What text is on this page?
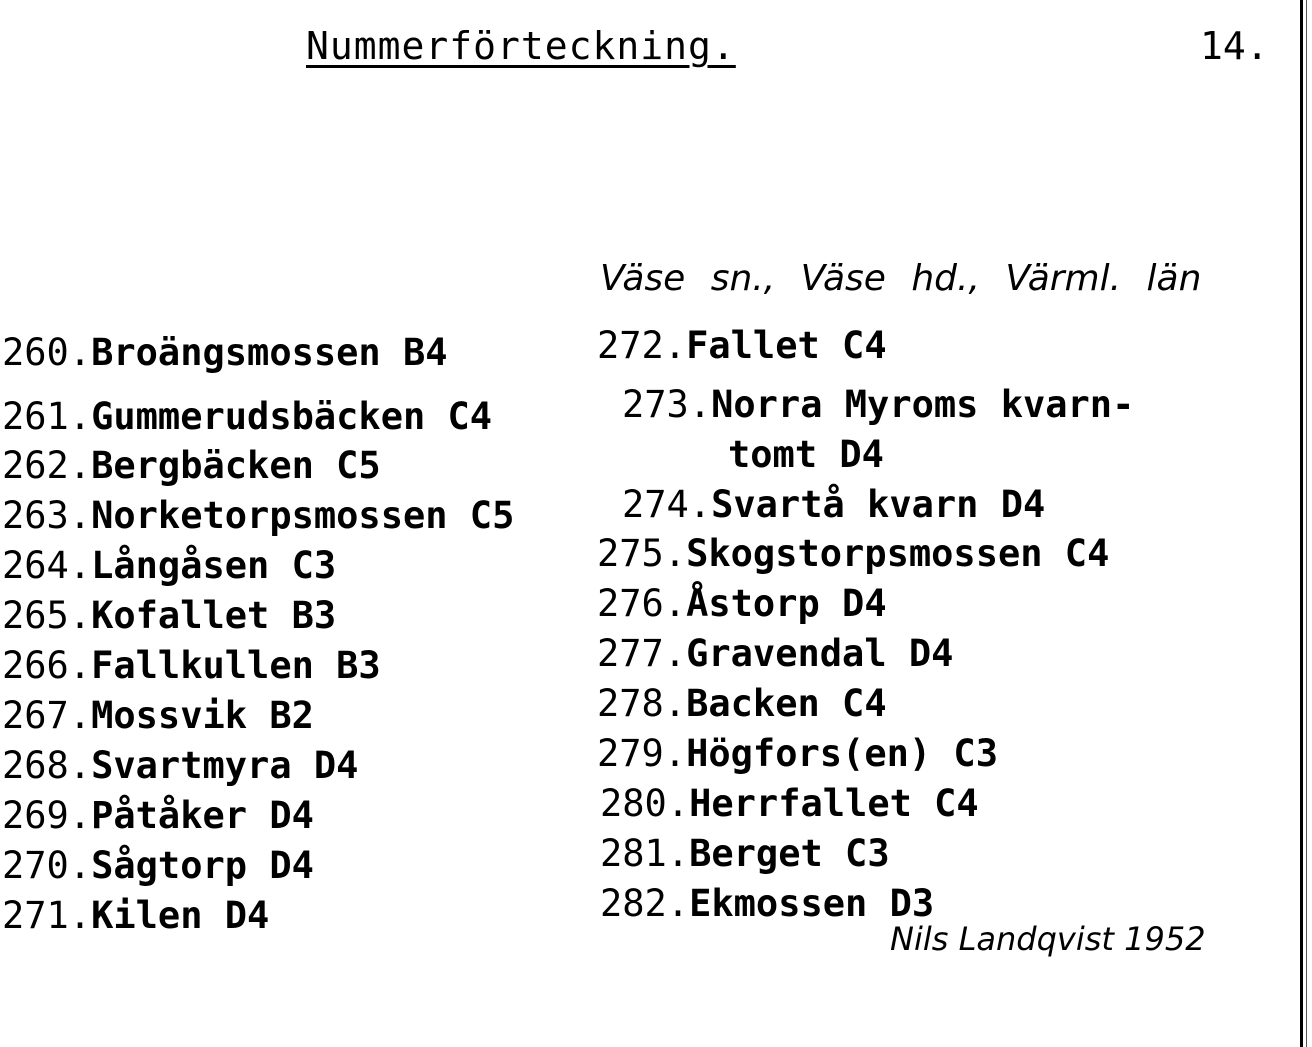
Nummerförteckning.	14.
Väse sn., Väse hd., Värml. län
260.Broängsmossen B4
261.Gummerudsbäcken C4
262.Bergbäcken C5
263.Norketorpsmossen C5
264.Långåsen C3
265.Kofallet B3
266.Fallkullen B3
267.Mossvik B2
268.Svartmyra D4
269.Påtåker D4
270.Sågtorp D4
271.Kilen D4
272.Fallet C4
273.Norra Myroms kvarn-
tomt D4
274.Svartå kvarn D4
275.Skogstorpsmossen C4
276.Åstorp D4
277.Gravendal D4
278.Backen C4
279.Högfors(en) C3
280.Herrfallet C4
281.Berget C3
282.Ekmossen D3
Nils Landqvist 1952
